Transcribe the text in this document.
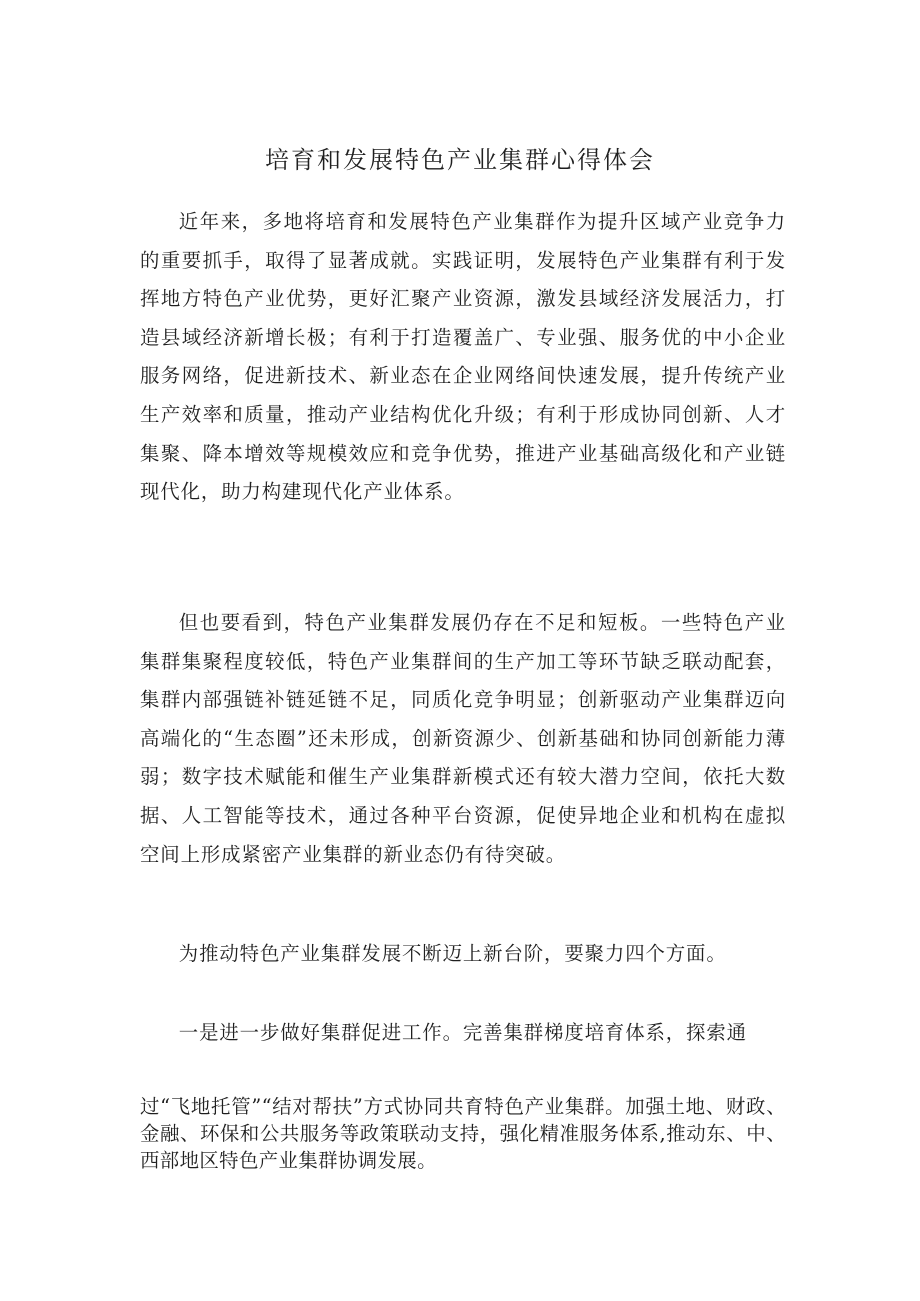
培育和发展特色产业集群心得体会

近年来，多地将培育和发展特色产业集群作为提升区域产业竞争力的重要抓手，取得了显著成就。实践证明，发展特色产业集群有利于发挥地方特色产业优势，更好汇聚产业资源，激发县域经济发展活力，打造县域经济新增长极；有利于打造覆盖广、专业强、服务优的中小企业服务网络，促进新技术、新业态在企业网络间快速发展，提升传统产业生产效率和质量，推动产业结构优化升级；有利于形成协同创新、人才集聚、降本增效等规模效应和竞争优势，推进产业基础高级化和产业链现代化，助力构建现代化产业体系。

但也要看到，特色产业集群发展仍存在不足和短板。一些特色产业集群集聚程度较低，特色产业集群间的生产加工等环节缺乏联动配套，集群内部强链补链延链不足，同质化竞争明显；创新驱动产业集群迈向高端化的“生态圈”还未形成，创新资源少、创新基础和协同创新能力薄弱；数字技术赋能和催生产业集群新模式还有较大潜力空间，依托大数据、人工智能等技术，通过各种平台资源，促使异地企业和机构在虚拟空间上形成紧密产业集群的新业态仍有待突破。

为推动特色产业集群发展不断迈上新台阶，要聚力四个方面。

一是进一步做好集群促进工作。完善集群梯度培育体系，探索通

过“飞地托管”“结对帮扶”方式协同共育特色产业集群。加强土地、财政、金融、环保和公共服务等政策联动支持，强化精准服务体系,推动东、中、西部地区特色产业集群协调发展。
